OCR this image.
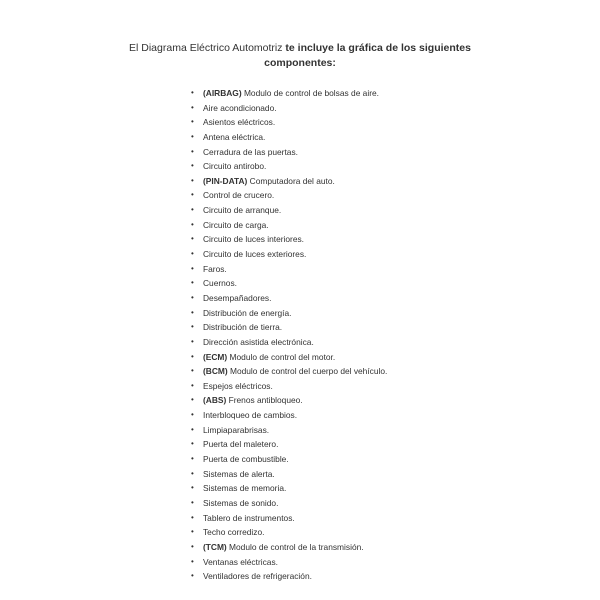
El Diagrama Eléctrico Automotriz te incluye la gráfica de los siguientes
componentes:
• (AIRBAG) Modulo de control de bolsas de aire.
• Aire acondicionado.
• Asientos eléctricos.
• Antena eléctrica.
• Cerradura de las puertas.
• Circuito antirobo.
• (PIN-DATA) Computadora del auto.
• Control de crucero.
• Circuito de arranque.
• Circuito de carga.
• Circuito de luces interiores.
• Circuito de luces exteriores.
• Faros.
• Cuernos.
• Desempañadores.
• Distribución de energía.
• Distribución de tierra.
• Dirección asistida electrónica.
• (ECM) Modulo de control del motor.
• (BCM) Modulo de control del cuerpo del vehículo.
• Espejos eléctricos.
• (ABS) Frenos antibloqueo.
• Interbloqueo de cambios.
• Limpiaparabrisas.
• Puerta del maletero.
• Puerta de combustible.
• Sistemas de alerta.
• Sistemas de memoria.
• Sistemas de sonido.
• Tablero de instrumentos.
• Techo corredizo.
• (TCM) Modulo de control de la transmisión.
• Ventanas eléctricas.
• Ventiladores de refrigeración.
